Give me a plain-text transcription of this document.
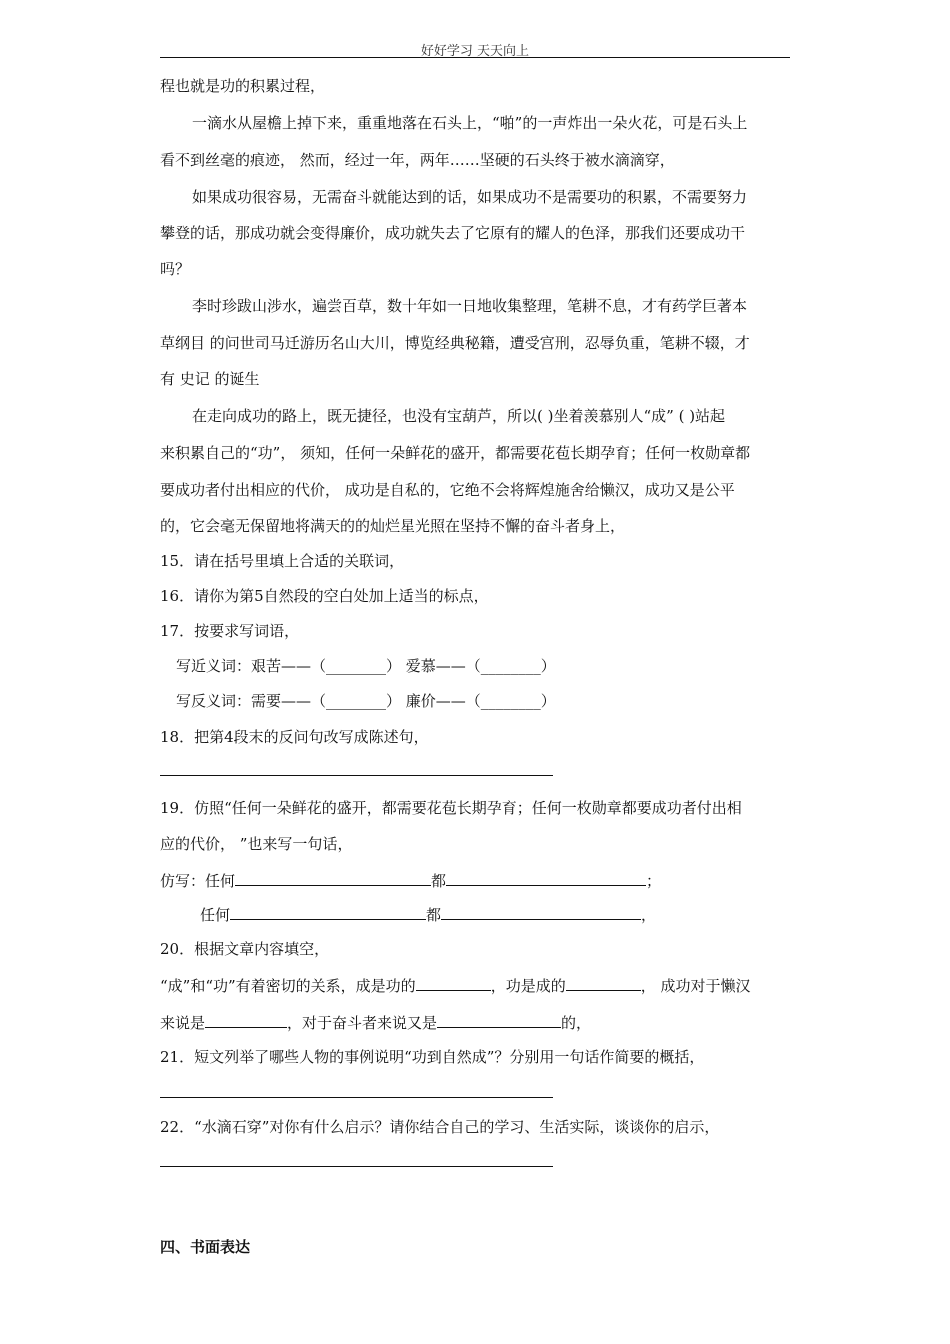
好好学习 天天向上
程也就是功的积累过程，
一滴水从屋檐上掉下来，重重地落在石头上，“啪”的一声炸出一朵火花，可是石头上
看不到丝毫的痕迹， 然而，经过一年，两年……坚硬的石头终于被水滴滴穿，
如果成功很容易，无需奋斗就能达到的话，如果成功不是需要功的积累，不需要努力
攀登的话，那成功就会变得廉价，成功就失去了它原有的耀人的色泽，那我们还要成功干
吗？
李时珍跋山涉水，遍尝百草，数十年如一日地收集整理，笔耕不息，才有药学巨著本
草纲目 的问世司马迁游历名山大川，博览经典秘籍，遭受宫刑，忍辱负重，笔耕不辍，才
有 史记 的诞生
在走向成功的路上，既无捷径，也没有宝葫芦，所以( )坐着羡慕别人“成” ( )站起
来积累自己的“功”， 须知，任何一朵鲜花的盛开，都需要花苞长期孕育；任何一枚勋章都
要成功者付出相应的代价， 成功是自私的，它绝不会将辉煌施舍给懒汉，成功又是公平
的，它会毫无保留地将满天的的灿烂星光照在坚持不懈的奋斗者身上，
15．请在括号里填上合适的关联词，
16．请你为第5自然段的空白处加上适当的标点，
17．按要求写词语，
写近义词：艰苦——（________） 爱慕——（________）
写反义词：需要——（________） 廉价——（________）
18．把第4段末的反问句改写成陈述句，
19．仿照“任何一朵鲜花的盛开，都需要花苞长期孕育；任何一枚勋章都要成功者付出相
应的代价， ”也来写一句话，
仿写：任何	都	；
任何	都	，
20．根据文章内容填空，
“成”和“功”有着密切的关系，成是功的	，功是成的	， 成功对于懒汉
来说是	，对于奋斗者来说又是	的，
21．短文列举了哪些人物的事例说明“功到自然成”？分别用一句话作简要的概括，
22．“水滴石穿”对你有什么启示？请你结合自己的学习、生活实际，谈谈你的启示，
四、书面表达
